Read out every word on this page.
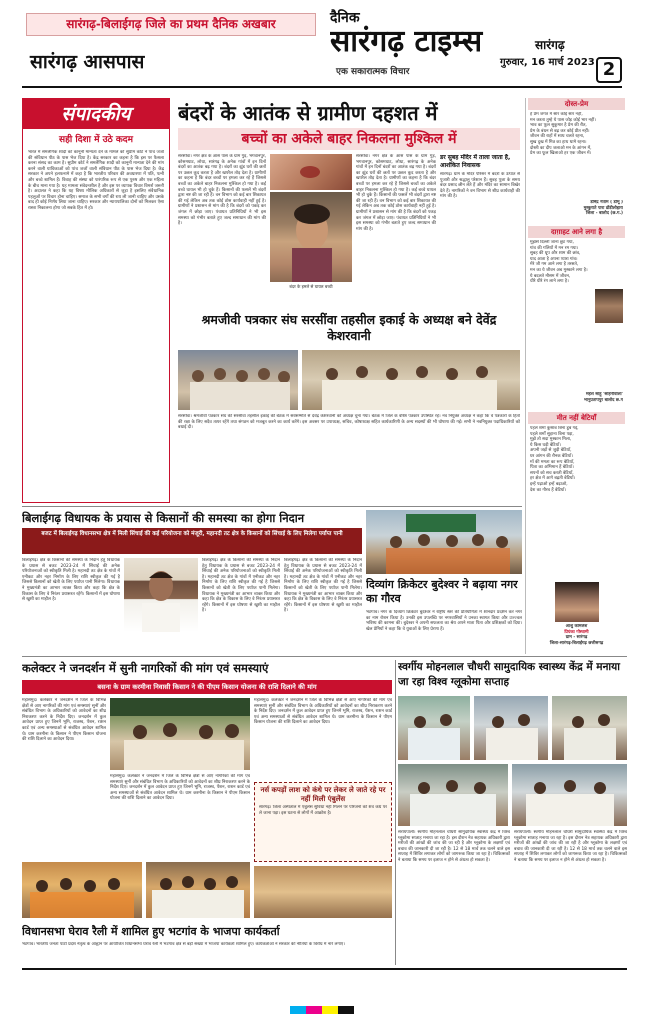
सारंगढ़-बिलाईगढ़ जिले का प्रथम दैनिक अखबार
सारंगढ़ आसपास
दैनिक
सारंगढ़ टाइम्स
एक सकारात्मक विचार
सारंगढ़
गुरुवार, 16 मार्च 2023 2
संपादकीय
सही दिशा में उठे कदम
भारत में समलैंगिक शादी को कानूनी मान्यता देने के मामले को सुप्रीम कोर्ट ने पांच जजों की संविधान पीठ के पास भेज दिया है। केंद्र सरकार का कहना है कि इस पर फैसला करना संसद का काम है। सुप्रीम कोर्ट ने समलैंगिक शादी को कानूनी मान्यता देने की मांग करने वाली याचिकाओं को पांच जजों वाली संविधान पीठ के पास भेज दिया है। केंद्र सरकार ने अपने हलफनामे में कहा है कि भारतीय परिवार की अवधारणा में पति, पत्नी और बच्चे शामिल हैं। विवाह की संस्था को पारंपरिक रूप से एक पुरुष और एक महिला के बीच माना गया है। यह मामला संवेदनशील है और इस पर व्यापक विचार विमर्श जरूरी है। अदालत ने कहा कि यह विषय मौलिक अधिकारों से जुड़ा है इसलिए संवैधानिक पहलुओं पर विचार होना चाहिए। समाज के सभी वर्गों की राय ली जानी चाहिए और उसके बाद ही कोई निर्णय लिया जाना चाहिए। सरकार और न्यायपालिका दोनों को मिलकर ऐसा रास्ता निकालना होगा जो सबके हित में हो।
बंदरों के आतंक से ग्रामीण दहशत में
बच्चों का अकेले बाहर निकलना मुश्किल में
सरसींवा। नगर क्षेत्र के आस पास के ग्राम गुड़, भगवानपुर, कोसमघाट, लोधा, सारंगढ़ के अनेक गांवों में इन दिनों बंदरों का आतंक बढ़ गया है। बंदरों का झुंड घरों की छतों पर उछल कूद करता है और खपरैल तोड़ देता है। ग्रामीणों का कहना है कि बंदर बच्चों पर हमला कर रहे हैं जिससे बच्चों का अकेले बाहर निकलना मुश्किल हो गया है। कई बच्चे घायल भी हो चुके हैं। किसानों की फसलें भी बंदरों द्वारा नष्ट की जा रही हैं। वन विभाग को कई बार शिकायत की गई लेकिन अब तक कोई ठोस कार्यवाही नहीं हुई है। ग्रामीणों ने प्रशासन से मांग की है कि बंदरों को पकड़ कर जंगल में छोड़ा जाए। पंचायत प्रतिनिधियों ने भी इस समस्या को गंभीर बताते हुए जल्द समाधान की मांग की है।
बंदर के हमले से घायल बच्ची
सरसींवा। नगर क्षेत्र के आस पास के ग्राम गुड़, भगवानपुर, कोसमघाट, लोधा, सारंगढ़ के अनेक गांवों में इन दिनों बंदरों का आतंक बढ़ गया है। बंदरों का झुंड घरों की छतों पर उछल कूद करता है और खपरैल तोड़ देता है। ग्रामीणों का कहना है कि बंदर बच्चों पर हमला कर रहे हैं जिससे बच्चों का अकेले बाहर निकलना मुश्किल हो गया है। कई बच्चे घायल भी हो चुके हैं। किसानों की फसलें भी बंदरों द्वारा नष्ट की जा रही हैं। वन विभाग को कई बार शिकायत की गई लेकिन अब तक कोई ठोस कार्यवाही नहीं हुई है। ग्रामीणों ने प्रशासन से मांग की है कि बंदरों को पकड़ कर जंगल में छोड़ा जाए। पंचायत प्रतिनिधियों ने भी इस समस्या को गंभीर बताते हुए जल्द समाधान की मांग की है।
डर सुबह मंदिर में ताला जाता है, आशंकित निवासक
सारंगढ़। ग्राम के मंदिर परिसर में बंदरों के उत्पात से पुजारी और श्रद्धालु परेशान हैं। सुबह पूजा के समय बंदर प्रसाद छीन लेते हैं और मंदिर का सामान बिखेर देते हैं। नागरिकों ने वन विभाग से शीघ्र कार्यवाही की मांग की है।
श्रमजीवी पत्रकार संघ सरसींवा तहसील इकाई के अध्यक्ष बने देवेंद्र केशरवानी
सरसींवा। श्रमजीवी पत्रकार संघ की सरसींवा तहसील इकाई की बैठक में सर्वसम्मति से देवेंद्र केशरवानी को अध्यक्ष चुना गया। बैठक में जिले के वरिष्ठ पत्रकार उपस्थित रहे। नव नियुक्त अध्यक्ष ने कहा कि वे पत्रकारों के हितों की रक्षा के लिए सदैव तत्पर रहेंगे तथा संगठन को मजबूत करने का कार्य करेंगे। इस अवसर पर उपाध्यक्ष, सचिव, कोषाध्यक्ष सहित कार्यकारिणी के अन्य सदस्यों की भी घोषणा की गई। सभी ने नवनियुक्त पदाधिकारियों को बधाई दी।
दोस्त-प्रेम
है प्रेम जगत में सार कोई सार नहीं,
मन करता तुम्हे ये पास जोड़ कोई भार नहीं।
भाव का फूल सुकुमार है प्रेम की रीत,
प्रेम के बंधन से बढ़ कर कोई प्रीत नहीं।
जीवन की राहों में साथ चलते रहना,
सुख दुख में मित्र का हाथ थामे रहना।
दोस्ती का दीप जलाओ मन के आंगन में,
प्रेम का फूल खिलाओ हर एक जीवन में।
डोमेंद्र नेताम ( डोमू )
मुस्कुराते पारा डोंडीलोहारा
जिला - बालोद (छ.ग.)
दाग़ाहट आने लगा है
मुझसे दिल्ली जाना छूट गया,
गांव की गलियों में मन रम गया।
सुबह की धूप और शाम की छांव,
याद आता है अपना प्यारा गांव।
मेरे जी गम आने लगा है तरसते,
मन का ये जीवन अब मुस्काने लगा है।
ये बदलते मौसम में जीवन,
धीरे धीरे रंग लाने लगा है।
महेश साहू 'साहनीवाला'
भानुप्रतापपुर बालोद छ.ग
मीत नहीं बेटियाँ
पहले शर्मों कुसाब बिना डूब गई,
पहले शर्मों सुहाना बिना पड़ा,
मुझे तो सदा मुस्कान मिला,
ये किस घड़ी बेटियाँ।
अपनी जड़ों से जुड़ी बेटियाँ,
घर आंगन की रौनक बेटियाँ।
माँ की ममता का रूप बेटियाँ,
पिता का अभिमान हैं बेटियाँ।
सपनों को सच करती बेटियाँ,
हर क्षेत्र में आगे बढ़ती बेटियाँ।
इन्हें पढ़ाओ इन्हें बढ़ाओ,
देश का गौरव हैं बेटियाँ।
आशु कामलेश
प्रियंका गोस्वामी
ग्राम - सारंगढ़
जिला-सारंगढ़-बिलाईगढ़ छत्तीसगढ़
बिलाईगढ़ विधायक के प्रयास से किसानों की समस्या का होगा निदान
बजट में बिलाईगढ़ विधानसभा क्षेत्र में मिली सिंचाई की कई परियोजना को मंजूरी, महानदी तट क्षेत्र के किसानों को सिंचाई के लिए मिलेगा पर्याप्त पानी
बिलाईगढ़। क्षेत्र के किसानों की समस्या के निदान हेतु विधायक के प्रयास से बजट 2023-24 में सिंचाई की अनेक परियोजनाओं को स्वीकृति मिली है। महानदी तट क्षेत्र के गांवों में एनीकट और नहर निर्माण के लिए राशि स्वीकृत की गई है जिससे किसानों को खेती के लिए पर्याप्त पानी मिलेगा। विधायक ने मुख्यमंत्री का आभार व्यक्त किया और कहा कि क्षेत्र के विकास के लिए वे निरंतर प्रयासरत रहेंगे। किसानों में इस घोषणा से खुशी का माहौल है।
बिलाईगढ़। क्षेत्र के किसानों की समस्या के निदान हेतु विधायक के प्रयास से बजट 2023-24 में सिंचाई की अनेक परियोजनाओं को स्वीकृति मिली है। महानदी तट क्षेत्र के गांवों में एनीकट और नहर निर्माण के लिए राशि स्वीकृत की गई है जिससे किसानों को खेती के लिए पर्याप्त पानी मिलेगा। विधायक ने मुख्यमंत्री का आभार व्यक्त किया और कहा कि क्षेत्र के विकास के लिए वे निरंतर प्रयासरत रहेंगे। किसानों में इस घोषणा से खुशी का माहौल है।
बिलाईगढ़। क्षेत्र के किसानों की समस्या के निदान हेतु विधायक के प्रयास से बजट 2023-24 में सिंचाई की अनेक परियोजनाओं को स्वीकृति मिली है। महानदी तट क्षेत्र के गांवों में एनीकट और नहर निर्माण के लिए राशि स्वीकृत की गई है जिससे किसानों को खेती के लिए पर्याप्त पानी मिलेगा। विधायक ने मुख्यमंत्री का आभार व्यक्त किया और कहा कि क्षेत्र के विकास के लिए वे निरंतर प्रयासरत रहेंगे। किसानों में इस घोषणा से खुशी का माहौल है।
दिव्यांग क्रिकेटर बुदेश्वर ने बढ़ाया नगर का गौरव
भटगांव। नगर के दिव्यांग क्रिकेटर बुदेश्वर ने राष्ट्रीय स्तर की प्रतियोगिता में शानदार प्रदर्शन कर नगर का नाम रोशन किया है। उनकी इस उपलब्धि पर नगरवासियों ने उनका स्वागत किया और उज्ज्वल भविष्य की कामना की। बुदेश्वर ने अपनी सफलता का श्रेय अपने माता पिता और प्रशिक्षकों को दिया। खेल प्रेमियों ने कहा कि वे युवाओं के लिए प्रेरणा हैं।
कलेक्टर ने जनदर्शन में सुनी नागरिकों की मांग एवं समस्याएं
बसना के ग्राम करमीना निवासी किसान ने की पीएम किसान योजना की राशि दिलाने की मांग
महासमुंद। कलेक्टर ने जनदर्शन में जिले के विभिन्न क्षेत्रों से आए नागरिकों की मांग एवं समस्याएं सुनीं और संबंधित विभाग के अधिकारियों को आवेदनों का शीघ्र निराकरण करने के निर्देश दिए। जनदर्शन में कुल आवेदन प्राप्त हुए जिनमें भूमि, राजस्व, पेंशन, राशन कार्ड एवं अन्य समस्याओं से संबंधित आवेदन शामिल थे। ग्राम करमीना के किसान ने पीएम किसान योजना की राशि दिलाने का आवेदन दिया।
महासमुंद। कलेक्टर ने जनदर्शन में जिले के विभिन्न क्षेत्रों से आए नागरिकों की मांग एवं समस्याएं सुनीं और संबंधित विभाग के अधिकारियों को आवेदनों का शीघ्र निराकरण करने के निर्देश दिए। जनदर्शन में कुल आवेदन प्राप्त हुए जिनमें भूमि, राजस्व, पेंशन, राशन कार्ड एवं अन्य समस्याओं से संबंधित आवेदन शामिल थे। ग्राम करमीना के किसान ने पीएम किसान योजना की राशि दिलाने का आवेदन दिया।
महासमुंद। कलेक्टर ने जनदर्शन में जिले के विभिन्न क्षेत्रों से आए नागरिकों की मांग एवं समस्याएं सुनीं और संबंधित विभाग के अधिकारियों को आवेदनों का शीघ्र निराकरण करने के निर्देश दिए। जनदर्शन में कुल आवेदन प्राप्त हुए जिनमें भूमि, राजस्व, पेंशन, राशन कार्ड एवं अन्य समस्याओं से संबंधित आवेदन शामिल थे। ग्राम करमीना के किसान ने पीएम किसान योजना की राशि दिलाने का आवेदन दिया।
नर्स कपड़ों लाश को कंधे पर लेकर ले जाते रहे पर नहीं मिली एंबुलेंस
सारंगढ़। जिला अस्पताल में एंबुलेंस सुविधा नहीं मिलने पर परिजनों को शव कंधे पर ले जाना पड़ा। इस घटना से लोगों में आक्रोश है।
विधानसभा घेराव रैली में शामिल हुए भटगांव के भाजपा कार्यकर्ता
भटगांव। भारतीय जनता पार्टी प्रदेश नेतृत्व के आह्वान पर आयोजित विधानसभा घेराव रैली में भटगांव क्षेत्र से बड़ी संख्या में भाजपा कार्यकर्ता शामिल हुए। कार्यकर्ताओं ने सरकार की नीतियों के विरोध में नारे लगाए।
स्वर्गीय मोहनलाल चौधरी सामुदायिक स्वास्थ्य केंद्र में मनाया जा रहा विश्व ग्लूकोमा सप्ताह
सरायपाली। स्वर्गीय मोहनलाल चौधरी सामुदायिक स्वास्थ्य केंद्र में विश्व ग्लूकोमा सप्ताह मनाया जा रहा है। इस दौरान नेत्र सहायक अधिकारी द्वारा मरीजों की आंखों की जांच की जा रही है और ग्लूकोमा के लक्षणों एवं बचाव की जानकारी दी जा रही है। 12 से 18 मार्च तक चलने वाले इस सप्ताह में शिविर लगाकर लोगों को जागरूक किया जा रहा है। चिकित्सकों ने बताया कि समय पर इलाज न होने से अंधत्व हो सकता है।
सरायपाली। स्वर्गीय मोहनलाल चौधरी सामुदायिक स्वास्थ्य केंद्र में विश्व ग्लूकोमा सप्ताह मनाया जा रहा है। इस दौरान नेत्र सहायक अधिकारी द्वारा मरीजों की आंखों की जांच की जा रही है और ग्लूकोमा के लक्षणों एवं बचाव की जानकारी दी जा रही है। 12 से 18 मार्च तक चलने वाले इस सप्ताह में शिविर लगाकर लोगों को जागरूक किया जा रहा है। चिकित्सकों ने बताया कि समय पर इलाज न होने से अंधत्व हो सकता है।
